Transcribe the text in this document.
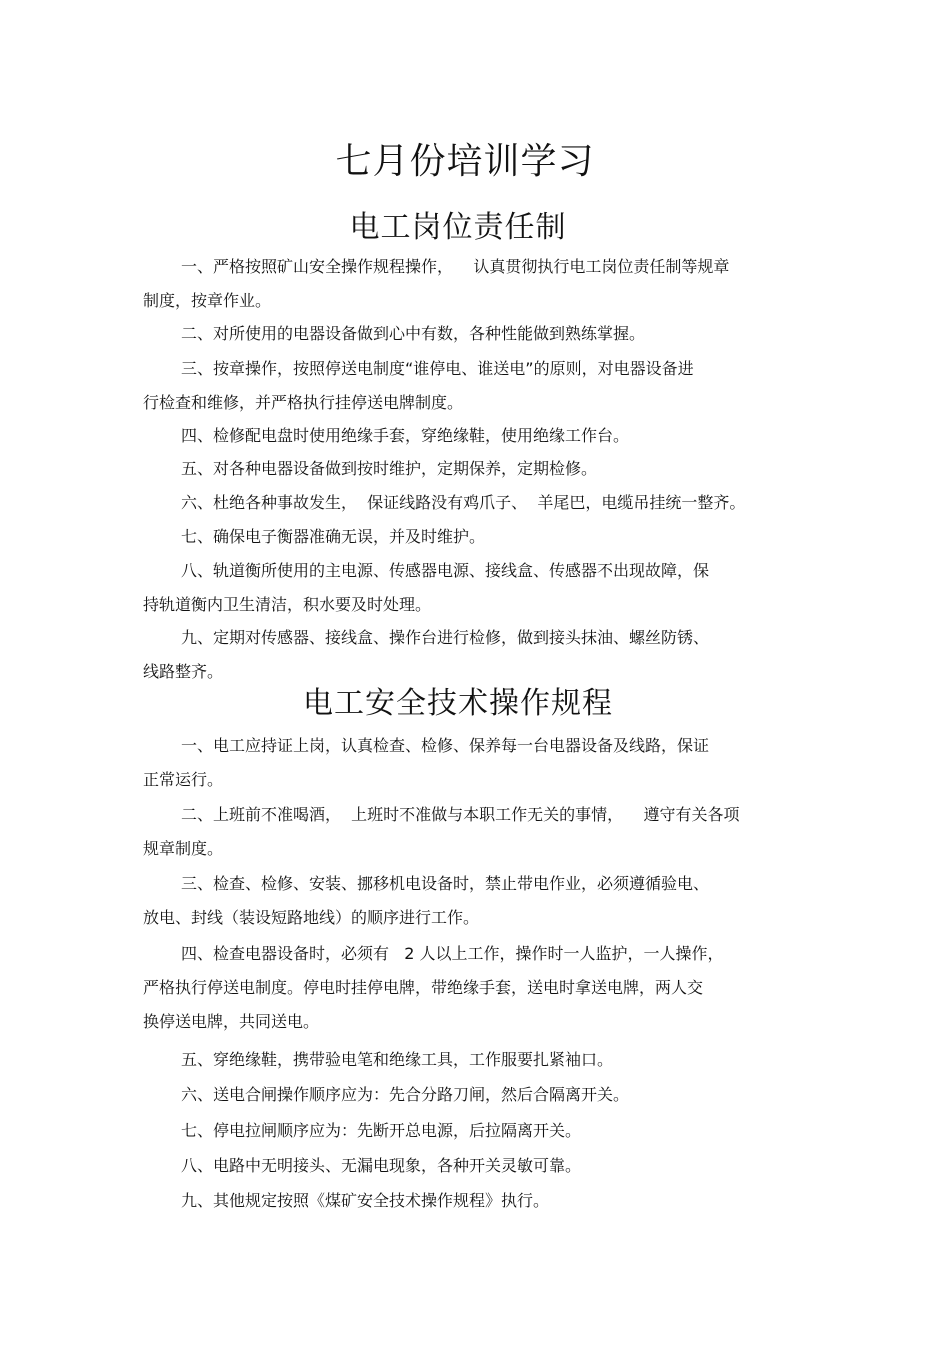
七月份培训学习
电工岗位责任制

一、严格按照矿山安全操作规程操作，    认真贯彻执行电工岗位责任制等规章
制度，按章作业。

二、对所使用的电器设备做到心中有数，各种性能做到熟练掌握。

三、按章操作，按照停送电制度“谁停电、谁送电”的原则，对电器设备进
行检查和维修，并严格执行挂停送电牌制度。

四、检修配电盘时使用绝缘手套，穿绝缘鞋，使用绝缘工作台。

五、对各种电器设备做到按时维护，定期保养，定期检修。

六、杜绝各种事故发生，  保证线路没有鸡爪子、  羊尾巴，电缆吊挂统一整齐。

七、确保电子衡器准确无误，并及时维护。

八、轨道衡所使用的主电源、传感器电源、接线盒、传感器不出现故障，保
持轨道衡内卫生清洁，积水要及时处理。

九、定期对传感器、接线盒、操作台进行检修，做到接头抹油、螺丝防锈、
线路整齐。

电工安全技术操作规程

一、电工应持证上岗，认真检查、检修、保养每一台电器设备及线路，保证
正常运行。

二、上班前不准喝酒，  上班时不准做与本职工作无关的事情，    遵守有关各项
规章制度。

三、检查、检修、安装、挪移机电设备时，禁止带电作业，必须遵循验电、
放电、封线（装设短路地线）的顺序进行工作。

四、检查电器设备时，必须有   2 人以上工作，操作时一人监护，一人操作，
严格执行停送电制度。停电时挂停电牌，带绝缘手套，送电时拿送电牌，两人交
换停送电牌，共同送电。

五、穿绝缘鞋，携带验电笔和绝缘工具，工作服要扎紧袖口。

六、送电合闸操作顺序应为：先合分路刀闸，然后合隔离开关。

七、停电拉闸顺序应为：先断开总电源，后拉隔离开关。

八、电路中无明接头、无漏电现象，各种开关灵敏可靠。

九、其他规定按照《煤矿安全技术操作规程》执行。
